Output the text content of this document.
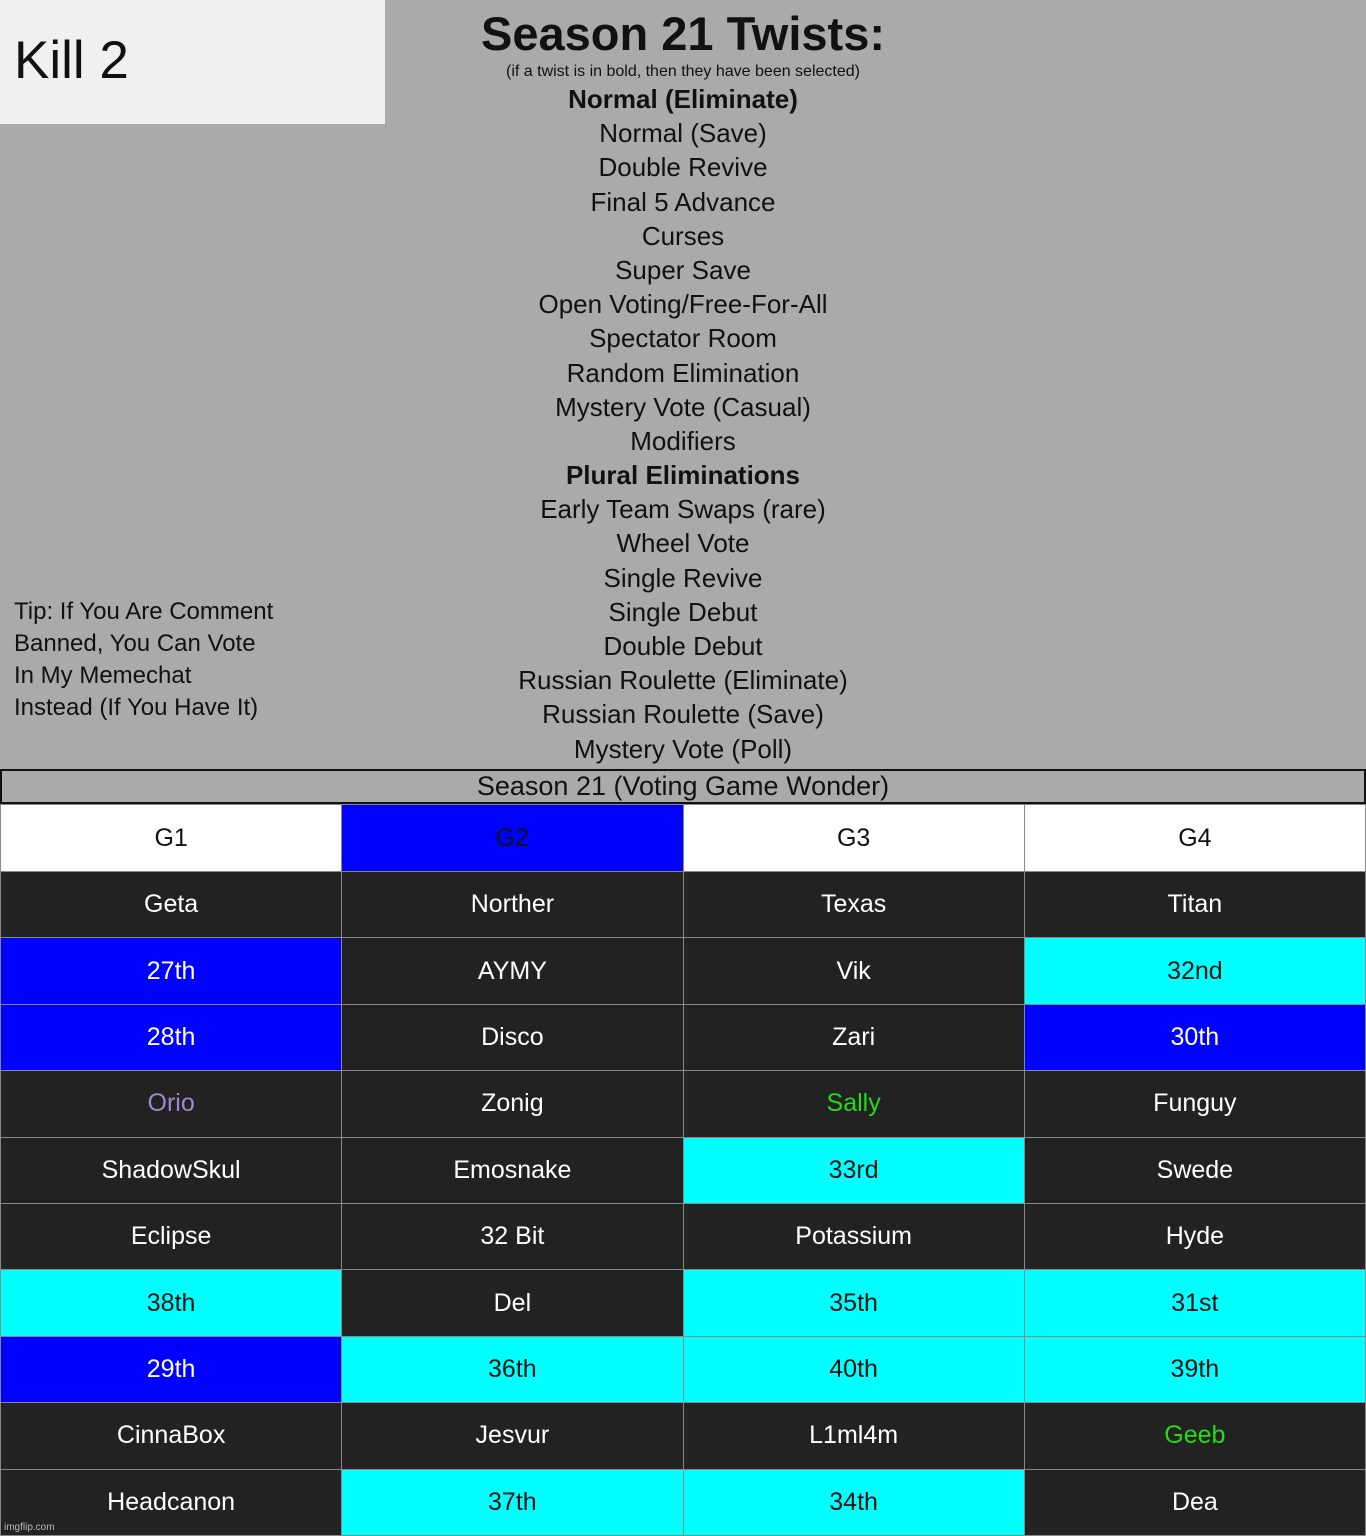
Season 21 Twists:
(if a twist is in bold, then they have been selected)
Normal (Eliminate)
Normal (Save)
Double Revive
Final 5 Advance
Curses
Super Save
Open Voting/Free-For-All
Spectator Room
Random Elimination
Mystery Vote (Casual)
Modifiers
Plural Eliminations
Early Team Swaps (rare)
Wheel Vote
Single Revive
Single Debut
Double Debut
Russian Roulette (Eliminate)
Russian Roulette (Save)
Mystery Vote (Poll)
Kill 2
Tip: If You Are Comment Banned, You Can Vote In My Memechat Instead (If You Have It)
Season 21 (Voting Game Wonder)
G1	G2	G3	G4
Geta	Norther	Texas	Titan
27th	AYMY	Vik	32nd
28th	Disco	Zari	30th
Orio	Zonig	Sally	Funguy
ShadowSkul	Emosnake	33rd	Swede
Eclipse	32 Bit	Potassium	Hyde
38th	Del	35th	31st
29th	36th	40th	39th
CinnaBox	Jesvur	L1ml4m	Geeb
Headcanon	37th	34th	Dea
imgflip.com
